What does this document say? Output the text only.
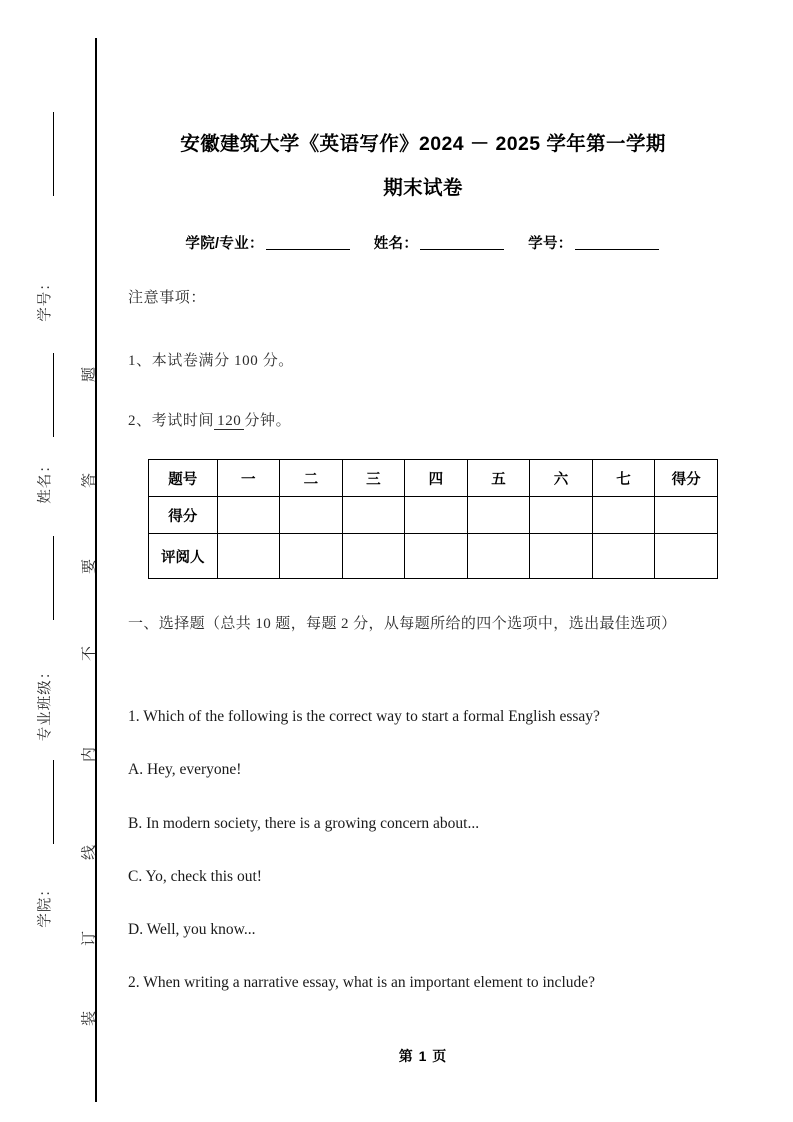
学号：
姓名：
专业班级：
学院：
题
答
要
不
内
线
订
装
安徽建筑大学《英语写作》2024 － 2025 学年第一学期
期末试卷
学院/专业：	姓名：	学号：
注意事项：
1、本试卷满分 100 分。
2、考试时间 120 分钟。
题号	一	二	三	四	五	六	七	得分
得分								
评阅人								
一、选择题（总共 10 题，每题 2 分，从每题所给的四个选项中，选出最佳选项）
1. Which of the following is the correct way to start a formal English essay?
A. Hey, everyone!
B. In modern society, there is a growing concern about...
C. Yo, check this out!
D. Well, you know...
2. When writing a narrative essay, what is an important element to include?
第 1 页
